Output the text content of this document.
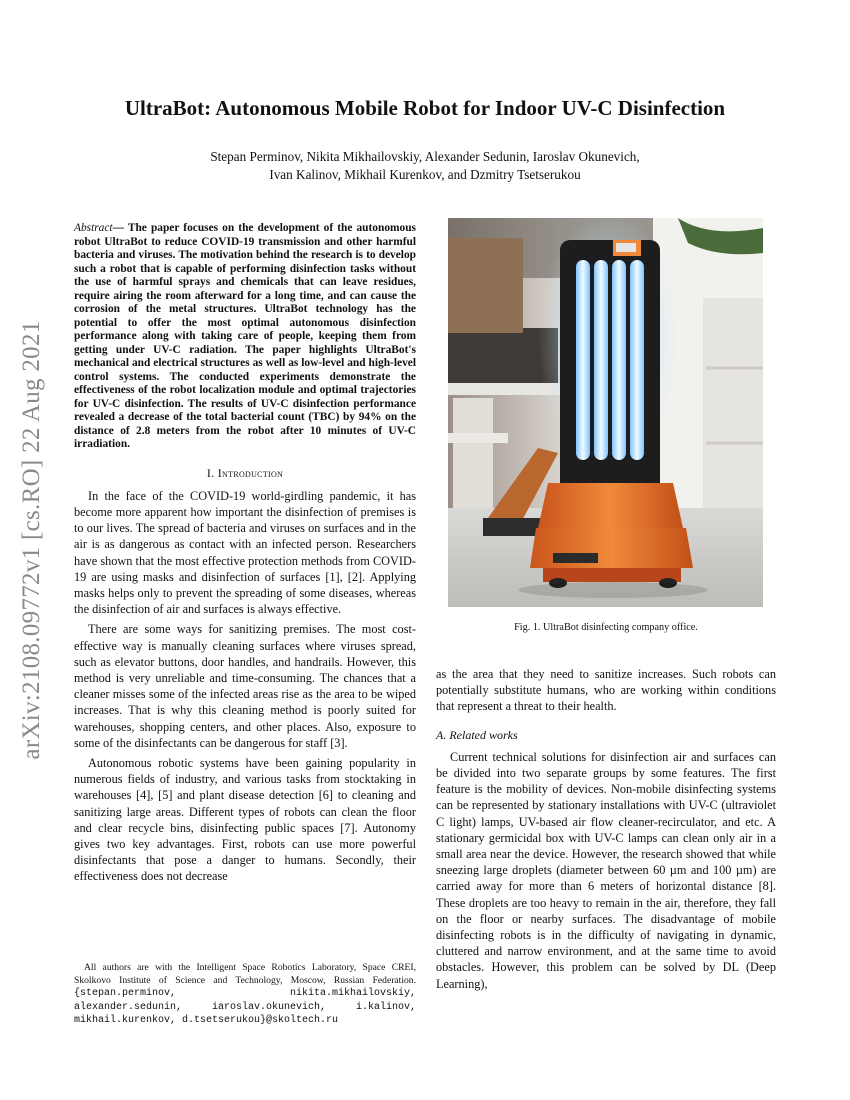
arXiv:2108.09772v1 [cs.RO] 22 Aug 2021
UltraBot: Autonomous Mobile Robot for Indoor UV-C Disinfection
Stepan Perminov, Nikita Mikhailovskiy, Alexander Sedunin, Iaroslav Okunevich,
Ivan Kalinov, Mikhail Kurenkov, and Dzmitry Tsetserukou

Abstract— The paper focuses on the development of the autonomous robot UltraBot to reduce COVID-19 transmission and other harmful bacteria and viruses. The motivation behind the research is to develop such a robot that is capable of performing disinfection tasks without the use of harmful sprays and chemicals that can leave residues, require airing the room afterward for a long time, and can cause the corrosion of the metal structures. UltraBot technology has the potential to offer the most optimal autonomous disinfection performance along with taking care of people, keeping them from getting under UV-C radiation. The paper highlights UltraBot's mechanical and electrical structures as well as low-level and high-level control systems. The conducted experiments demonstrate the effectiveness of the robot localization module and optimal trajectories for UV-C disinfection. The results of UV-C disinfection performance revealed a decrease of the total bacterial count (TBC) by 94% on the distance of 2.8 meters from the robot after 10 minutes of UV-C irradiation.

I. Introduction

In the face of the COVID-19 world-girdling pandemic, it has become more apparent how important the disinfection of premises is to our lives. The spread of bacteria and viruses on surfaces and in the air is as dangerous as contact with an infected person. Researchers have shown that the most effective protection methods from COVID-19 are using masks and disinfection of surfaces [1], [2]. Applying masks helps only to prevent the spreading of some diseases, whereas the disinfection of air and surfaces is always effective.

There are some ways for sanitizing premises. The most cost-effective way is manually cleaning surfaces where viruses spread, such as elevator buttons, door handles, and handrails. However, this method is very unreliable and time-consuming. The chances that a cleaner misses some of the infected areas rise as the area to be wiped increases. That is why this cleaning method is poorly suited for warehouses, shopping centers, and other places. Also, exposure to some of the disinfectants can be dangerous for staff [3].

Autonomous robotic systems have been gaining popularity in numerous fields of industry, and various tasks from stocktaking in warehouses [4], [5] and plant disease detection [6] to cleaning and sanitizing large areas. Different types of robots can clean the floor and clear recycle bins, disinfecting public spaces [7]. Autonomy gives two key advantages. First, robots can use more powerful disinfectants that pose a danger to humans. Secondly, their effectiveness does not decrease

All authors are with the Intelligent Space Robotics Laboratory, Space CREI, Skolkovo Institute of Science and Technology, Moscow, Russian Federation. {stepan.perminov, nikita.mikhailovskiy, alexander.sedunin, iaroslav.okunevich, i.kalinov, mikhail.kurenkov, d.tsetserukou}@skoltech.ru
Fig. 1. UltraBot disinfecting company office.

as the area that they need to sanitize increases. Such robots can potentially substitute humans, who are working within conditions that represent a threat to their health.

A. Related works

Current technical solutions for disinfection air and surfaces can be divided into two separate groups by some features. The first feature is the mobility of devices. Non-mobile disinfecting systems can be represented by stationary installations with UV-C (ultraviolet C light) lamps, UV-based air flow cleaner-recirculator, and etc. A stationary germicidal box with UV-C lamps can clean only air in a small area near the device. However, the research showed that while sneezing large droplets (diameter between 60 µm and 100 µm) are carried away for more than 6 meters of horizontal distance [8]. These droplets are too heavy to remain in the air, therefore, they fall on the floor or nearby surfaces. The disadvantage of mobile disinfecting robots is in the difficulty of navigating in dynamic, cluttered and narrow environment, and at the same time to avoid obstacles. However, this problem can be solved by DL (Deep Learning),
